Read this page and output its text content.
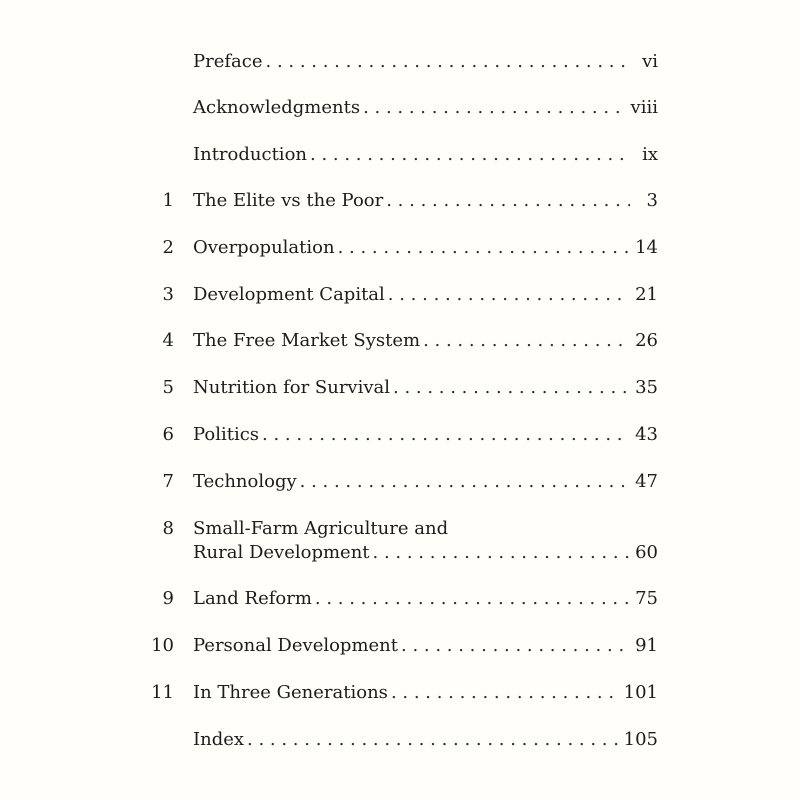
Preface . . .	vi
Acknowledgments . . .	viii
Introduction . . .	ix
1 The Elite vs the Poor . . .	3
2 Overpopulation . . .	14
3 Development Capital . . .	21
4 The Free Market System . . .	26
5 Nutrition for Survival . . .	35
6 Politics . . .	43
7 Technology . . .	47
8 Small-Farm Agriculture and
Rural Development . . .	60
9 Land Reform . . .	75
10 Personal Development . . .	91
11 In Three Generations . . .	101
Index . . .	105
